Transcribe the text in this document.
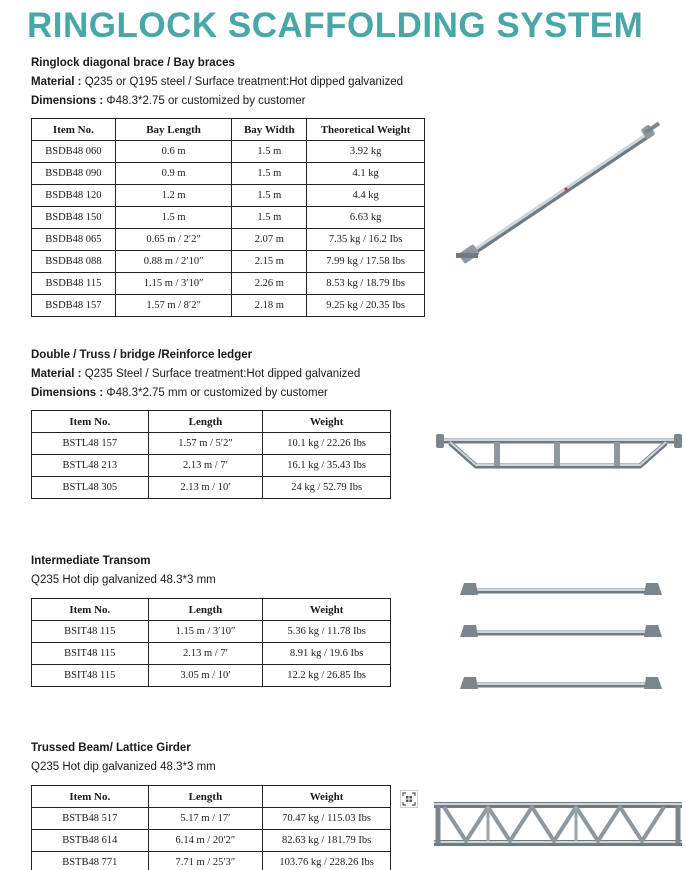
RINGLOCK SCAFFOLDING SYSTEM
Ringlock diagonal brace / Bay braces
Material : Q235 or Q195 steel / Surface treatment:Hot dipped galvanized
Dimensions : Φ48.3*2.75 or customized by customer
Item No.	Bay Length	Bay Width	Theoretical Weight
BSDB48 060	0.6 m	1.5 m	3.92 kg
BSDB48 090	0.9 m	1.5 m	4.1 kg
BSDB48 120	1.2 m	1.5 m	4.4 kg
BSDB48 150	1.5 m	1.5 m	6.63 kg
BSDB48 065	0.65 m / 2′2″	2.07 m	7.35 kg / 16.2 Ibs
BSDB48 088	0.88 m / 2′10″	2.15 m	7.99 kg / 17.58 Ibs
BSDB48 115	1.15 m / 3′10″	2.26 m	8.53 kg / 18.79 Ibs
BSDB48 157	1.57 m / 8′2″	2.18 m	9.25 kg / 20.35 Ibs
Double / Truss / bridge /Reinforce ledger
Material : Q235 Steel / Surface treatment:Hot dipped galvanized
Dimensions : Φ48.3*2.75 mm or customized by customer
Item No.	Length	Weight
BSTL48 157	1.57 m / 5′2″	10.1 kg / 22.26 Ibs
BSTL48 213	2.13 m / 7′	16.1 kg / 35.43 Ibs
BSTL48 305	2.13 m / 10′	24 kg / 52.79 Ibs
Intermediate Transom
Q235 Hot dip galvanized 48.3*3 mm
Item No.	Length	Weight
BSIT48 115	1.15 m / 3′10″	5.36 kg / 11.78 Ibs
BSIT48 115	2.13 m / 7′	8.91 kg / 19.6 Ibs
BSIT48 115	3.05 m / 10′	12.2 kg / 26.85 Ibs
Trussed Beam/ Lattice Girder
Q235 Hot dip galvanized 48.3*3 mm
Item No.	Length	Weight
BSTB48 517	5.17 m / 17′	70.47 kg / 115.03 Ibs
BSTB48 614	6.14 m / 20′2″	82.63 kg / 181.79 Ibs
BSTB48 771	7.71 m / 25′3″	103.76 kg / 228.26 Ibs
